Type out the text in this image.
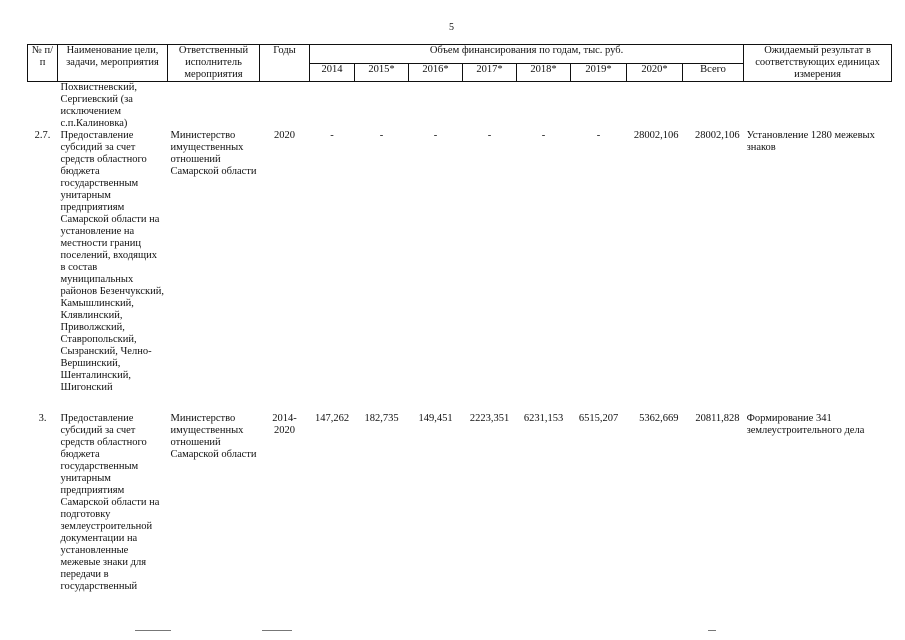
5
№ п/п	Наименование цели, задачи, мероприятия	Ответственный исполнитель мероприятия	Годы	Объем финансирования по годам, тыс. руб.								Ожидаемый результат в соответствующих единицах измерения
				2014	2015*	2016*	2017*	2018*	2019*	2020*	Всего	
	Похвистневский, Сергиевский (за исключением с.п.Калиновка)											
2.7.	Предоставление субсидий за счет средств областного бюджета государственным унитарным предприятиям Самарской области на установление на местности границ поселений, входящих в состав муниципальных районов Безенчукский, Камышлинский, Клявлинский, Приволжский, Ставропольский, Сызранский, Челно-Вершинский, Шенталинский, Шигонский	Министерство имущественных отношений Самарской области	2020	-	-	-	-	-	-	28002,106	28002,106	Установление 1280 межевых знаков
3.	Предоставление субсидий за счет средств областного бюджета государственным унитарным предприятиям Самарской области на подготовку землеустроительной документации на установленные межевые знаки для передачи в государственный	Министерство имущественных отношений Самарской области	2014-2020	147,262	182,735	149,451	2223,351	6231,153	6515,207	5362,669	20811,828	Формирование 341 землеустроительного дела
